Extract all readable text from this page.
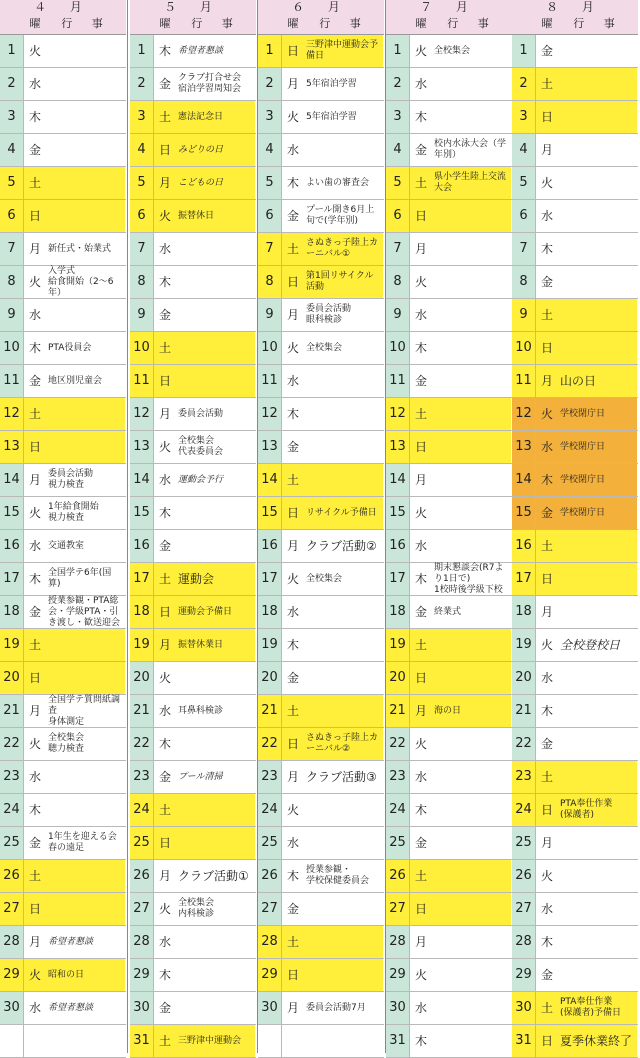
４ 月
曜	行 事
1	火
2	水
3	木
4	金
5	土
6	日
7	月 新任式・始業式
8	火
入学式
給食開始（2～6年）
9	水
10 木 PTA役員会
11 金 地区別児童会
12 土
13 日
14 月 委員会活動
視力検査
15 火 1年給食開始
視力検査
16 水 交通教室
17 木 全国学テ6年(国算)
18 金
授業参観・PTA総会・学級PTA・引き渡し・歓送迎会
19 土
20 日
21 月
全国学テ質問紙調査
身体測定
22 火 全校集会
聴力検査
23 水
24 木
25 金 1年生を迎える会
春の遠足
26 土
27 日
28 月 希望者懇談
29 火 昭和の日
30 水 希望者懇談
５ 月
曜	行 事
1	木 希望者懇談
2	金 クラブ打合せ会
宿泊学習周知会
3	土 憲法記念日
4	日 みどりの日
5	月 こどもの日
6	火 振替休日
7	水
8	木
9	金
10 土
11 日
12 月 委員会活動
13 火 全校集会
代表委員会
14 水 運動会予行
15 木
16 金
17 土 運動会
18 日 運動会予備日
19 月 振替休業日
20 火
21 水 耳鼻科検診
22 木
23 金 プール清掃
24 土
25 日
26 月 クラブ活動①
27 火 全校集会
内科検診
28 水
29 木
30 金
31 土 三野津中運動会
６ 月
曜	行 事
1	日 三野津中運動会予備日
2	月 5年宿泊学習
3	火 5年宿泊学習
4	水
5	木 よい歯の審査会
6	金 プール開き6月上旬で(学年別)
7	土 さぬきっ子陸上カーニバル①
8	日 第1回リサイクル活動
9	月 委員会活動
眼科検診
10 火 全校集会
11 水
12 木
13 金
14 土
15 日 リサイクル予備日
16 月 クラブ活動②
17 火 全校集会
18 水
19 木
20 金
21 土
22 日 さぬきっ子陸上カーニバル②
23 月 クラブ活動③
24 火
25 水
26 木 授業参観・
学校保健委員会
27 金
28 土
29 日
30 月 委員会活動7月
７ 月
曜	行 事
1	火 全校集会
2	水
3	木
4	金 校内水泳大会（学年別）
5	土 県小学生陸上交流大会
6	日
7	月
8	火
9	水
10 木
11 金
12 土
13 日
14 月
15 火
16 水
17 木
期末懇談会(R7より1日で)
1校時後学級下校
18 金 終業式
19 土
20 日
21 月 海の日
22 火
23 水
24 木
25 金
26 土
27 日
28 月
29 火
30 水
31 木
８ 月
曜	行 事
1	金
2	土
3	日
4	月
5	火
6	水
7	木
8	金
9	土
10 日
11 月 山の日
12 火 学校閉庁日
13 水 学校閉庁日
14 木 学校閉庁日
15 金 学校閉庁日
16 土
17 日
18 月
19 火 全校登校日
20 水
21 木
22 金
23 土
24 日 PTA奉仕作業
(保護者)
25 月
26 火
27 水
28 木
29 金
30 土 PTA奉仕作業
(保護者)予備日
31 日 夏季休業終了
